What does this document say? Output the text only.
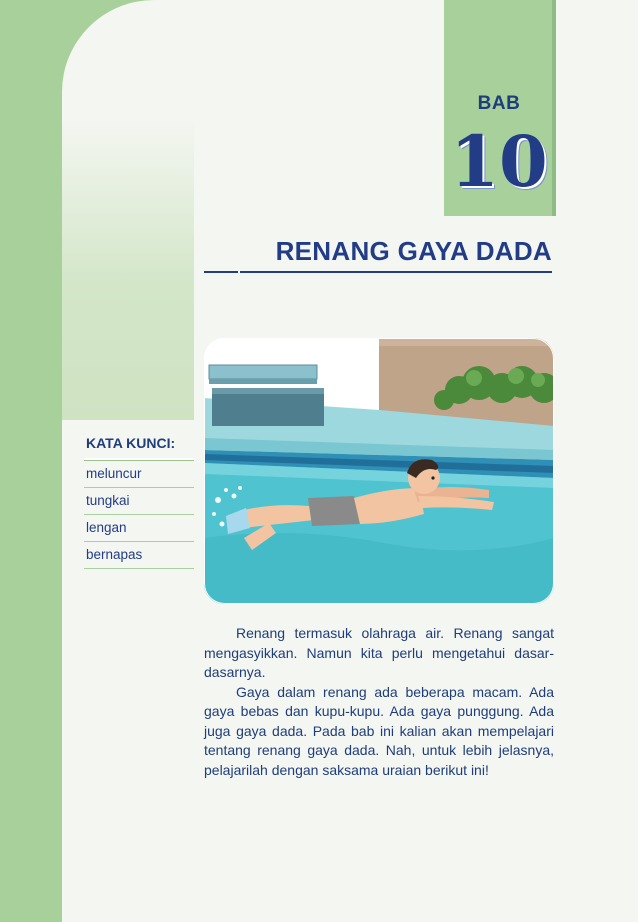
BAB
10
RENANG GAYA DADA
KATA KUNCI:
meluncur
tungkai
lengan
bernapas

Renang termasuk olahraga air. Renang sangat mengasyikkan. Namun kita perlu mengetahui dasar-dasarnya.

Gaya dalam renang ada beberapa macam. Ada gaya bebas dan kupu-kupu. Ada gaya punggung. Ada juga gaya dada. Pada bab ini kalian akan mempelajari tentang renang gaya dada. Nah, untuk lebih jelasnya, pelajarilah dengan saksama uraian berikut ini!
